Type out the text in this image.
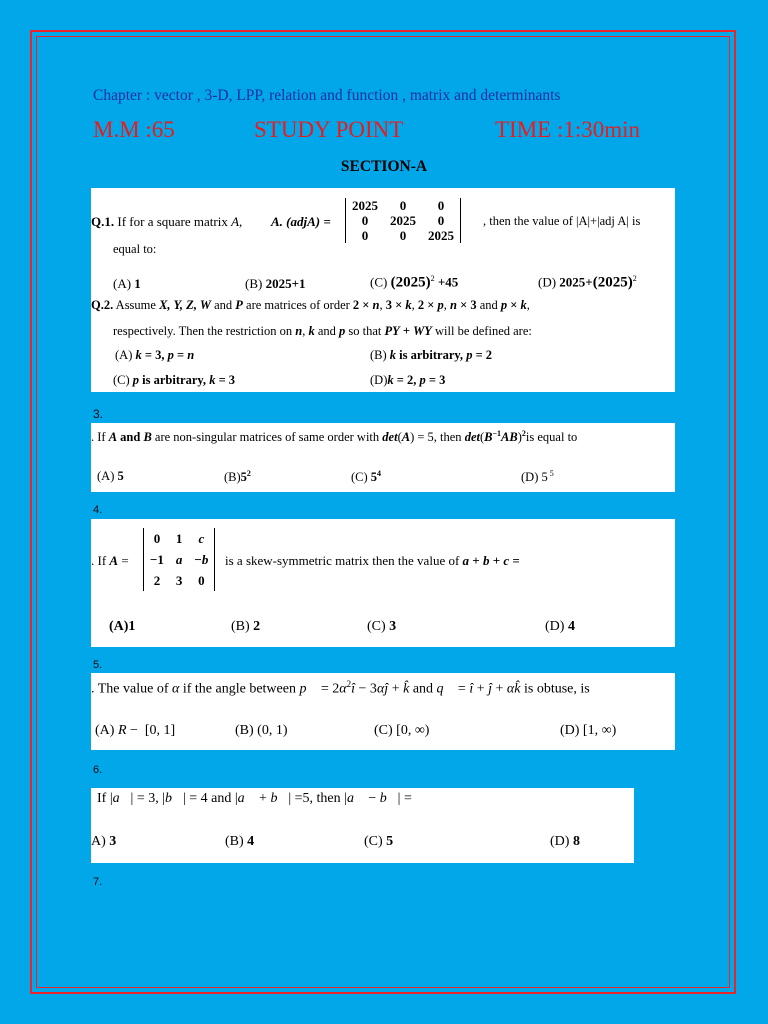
Chapter : vector , 3-D, LPP, relation and function , matrix and determinants
M.M :65	STUDY POINT	TIME :1:30min
SECTION-A
Q.1. If for a square matrix A, A. (adjA) =
2025	0	0
0	2025	0
0	0	2025
, then the value of |A|+|adj A| is
equal to:
(A) 1	(B) 2025+1	(C) $(2025)^2 +45$	(D) $2025+(2025)^2$
Q.2. Assume X, Y, Z, W and P are matrices of order 2 × n, 3 × k, 2 × p, n × 3 and p × k,
respectively. Then the restriction on n, k and p so that PY + WY will be defined are:
(A) k = 3, p = n	(B) k is arbitrary, p = 2
(C) p is arbitrary, k = 3	(D)k = 2, p = 3
3.
. If A and B are non-singular matrices of same order with det(A) = 5, then $\det(B^{-1}AB)^2is$ equal to
(A) 5	$(B)5^2$	(C) $5^4$	(D) 5 $^5$
4.
. If A =
0	1	c
−1	a	−b
2	3	0
is a skew-symmetric matrix then the value of a + b + c =
(A)1	(B) 2	(C) 3	(D) 4
5.
. The value of α if the angle between p⃗ = $2\alpha^2î$ − 3αĵ + k̂ and q⃗ = î + ĵ + αk̂ is obtuse, is
(A) R −  [0, 1]	(B) (0, 1)	(C) [0, ∞)	(D) [1, ∞)
6.
If |a⃗| = 3, |b⃗| = 4 and |a⃗ + b⃗| =5, then |a⃗ − b⃗| =
A) 3	(B) 4	(C) 5	(D) 8
7.
